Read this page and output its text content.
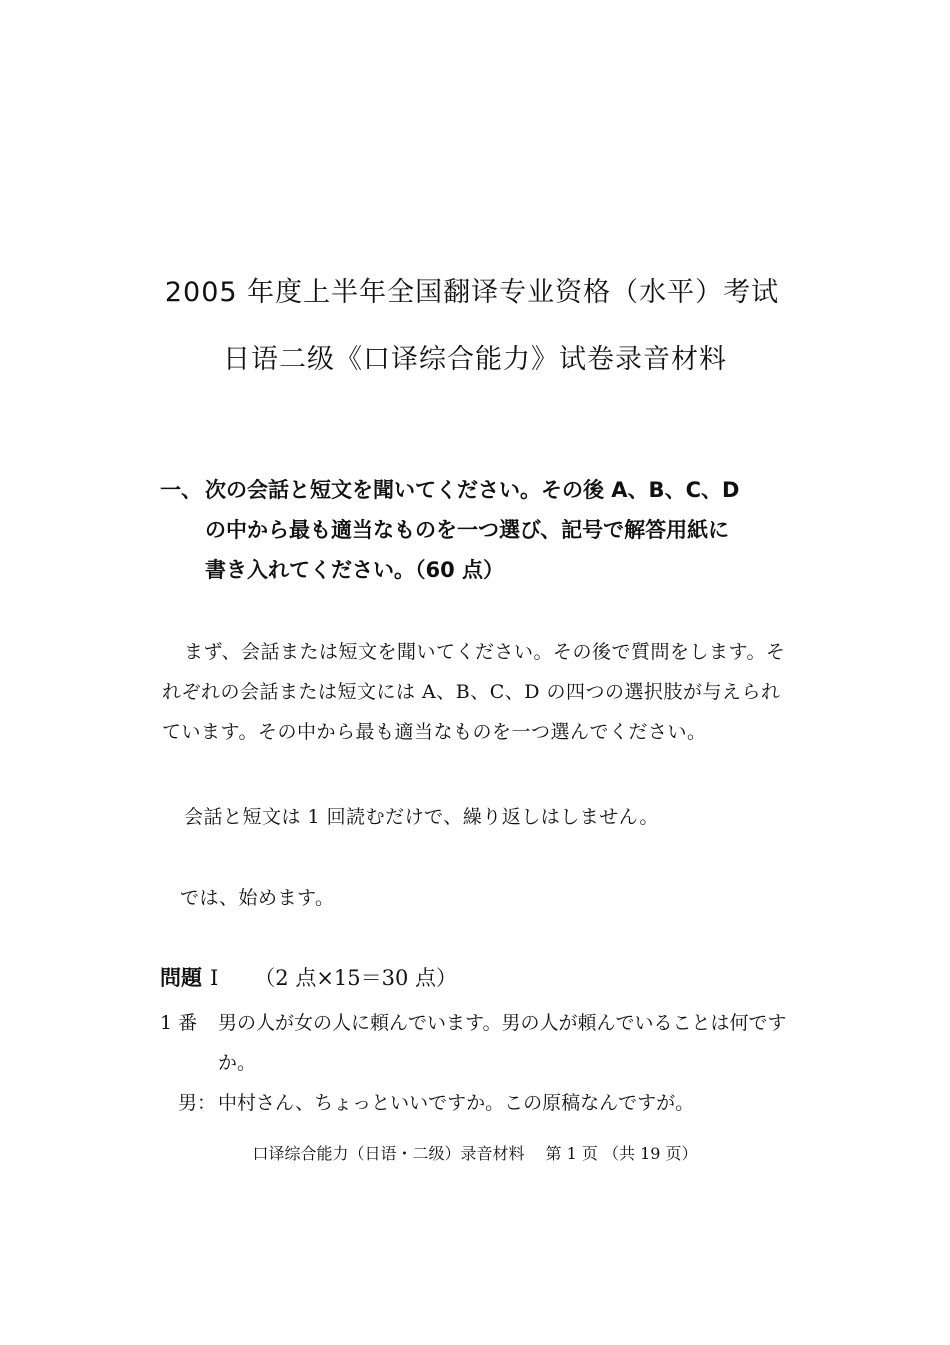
2005 年度上半年全国翻译专业资格（水平）考试
日语二级《口译综合能力》试卷录音材料
一、 次の会話と短文を聞いてください。その後 A、B、C、D
の中から最も適当なものを一つ選び、記号で解答用紙に
書き入れてください。（60 点）
まず、会話または短文を聞いてください。その後で質問をします。それぞれの会話または短文には A、B、C、D の四つの選択肢が与えられています。その中から最も適当なものを一つ選んでください。
会話と短文は 1 回読むだけで、繰り返しはしません。
では、始めます。
問題 Ⅰ （2 点×15＝30 点）
1 番 男の人が女の人に頼んでいます。男の人が頼んでいることは何ですか。
男： 中村さん、ちょっといいですか。この原稿なんですが。
口译综合能力（日语・二级）录音材料　 第 1 页 （共 19 页）
